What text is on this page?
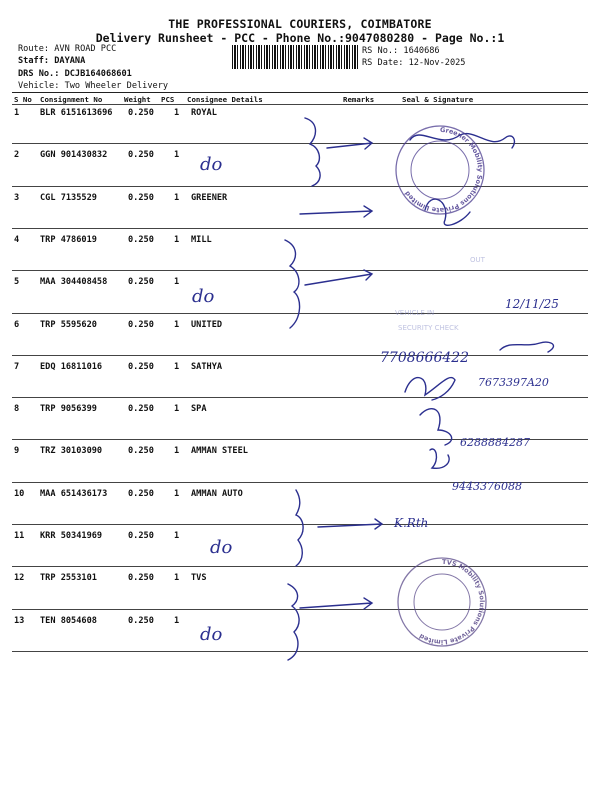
THE PROFESSIONAL COURIERS, COIMBATORE
Delivery Runsheet - PCC - Phone No.:9047080280 - Page No.:1
Route: AVN ROAD PCC
Staff: DAYANA
DRS No.: DCJB164068601
Vehicle: Two Wheeler Delivery
RS No.: 1640686
RS Date: 12-Nov-2025
S No Consignment No	Weight PCS Consignee Details	Remarks	Seal & Signature
1 BLR 6151613696 0.250 1 ROYAL
2 GGN 901430832 0.250 1
3 CGL 7135529	0.250 1 GREENER
4 TRP 4786019	0.250 1 MILL
5 MAA 304408458 0.250 1
6 TRP 5595620	0.250 1 UNITED
7 EDQ 16811016	0.250 1 SATHYA
8 TRP 9056399	0.250 1 SPA
9 TRZ 30103090	0.250 1 AMMAN STEEL
10 MAA 651436173 0.250 1 AMMAN AUTO
11 KRR 50341969	0.250 1
12 TRP 2553101	0.250 1 TVS
13 TEN 8054608	0.250 1
do
do
do
do
7708666422
7673397A20
6288884287
9443376088
12/11/25
K.Rth
Greener Mobility Solutions Private Limited
TVS Mobility Solutions Private Limited
VEHICLE IN
SECURITY CHECK
OUT
